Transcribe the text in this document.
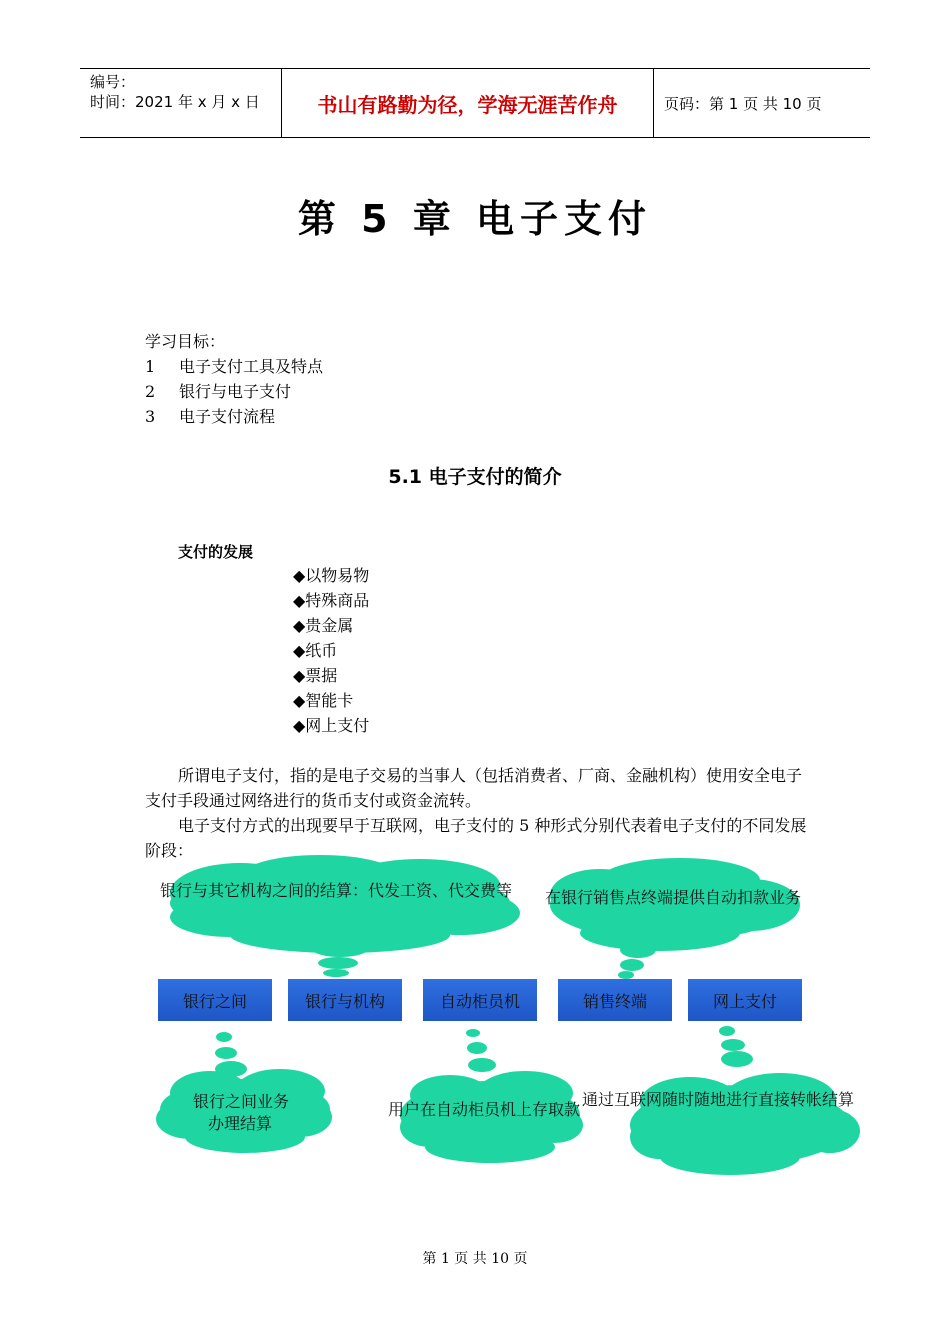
编号：
时间：2021 年 x 月 x 日	书山有路勤为径，学海无涯苦作舟	页码：第 1 页 共 10 页
第 5 章 电子支付
学习目标：
1 电子支付工具及特点
2 银行与电子支付
3 电子支付流程
5.1 电子支付的简介
支付的发展
◆以物易物
◆特殊商品
◆贵金属
◆纸币
◆票据
◆智能卡
◆网上支付
所谓电子支付，指的是电子交易的当事人（包括消费者、厂商、金融机构）使用安全电子支付手段通过网络进行的货币支付或资金流转。
电子支付方式的出现要早于互联网，电子支付的 5 种形式分别代表着电子支付的不同发展阶段：
银行之间	银行与机构	自动柜员机	销售终端	网上支付
银行与其它机构之间的结算：代发工资、代交费等 在银行销售点终端提供自动扣款业务
银行之间业务
办理结算
用户在自动柜员机上存取款
通过互联网随时随地进行直接转帐结算
第 1 页 共 10 页
